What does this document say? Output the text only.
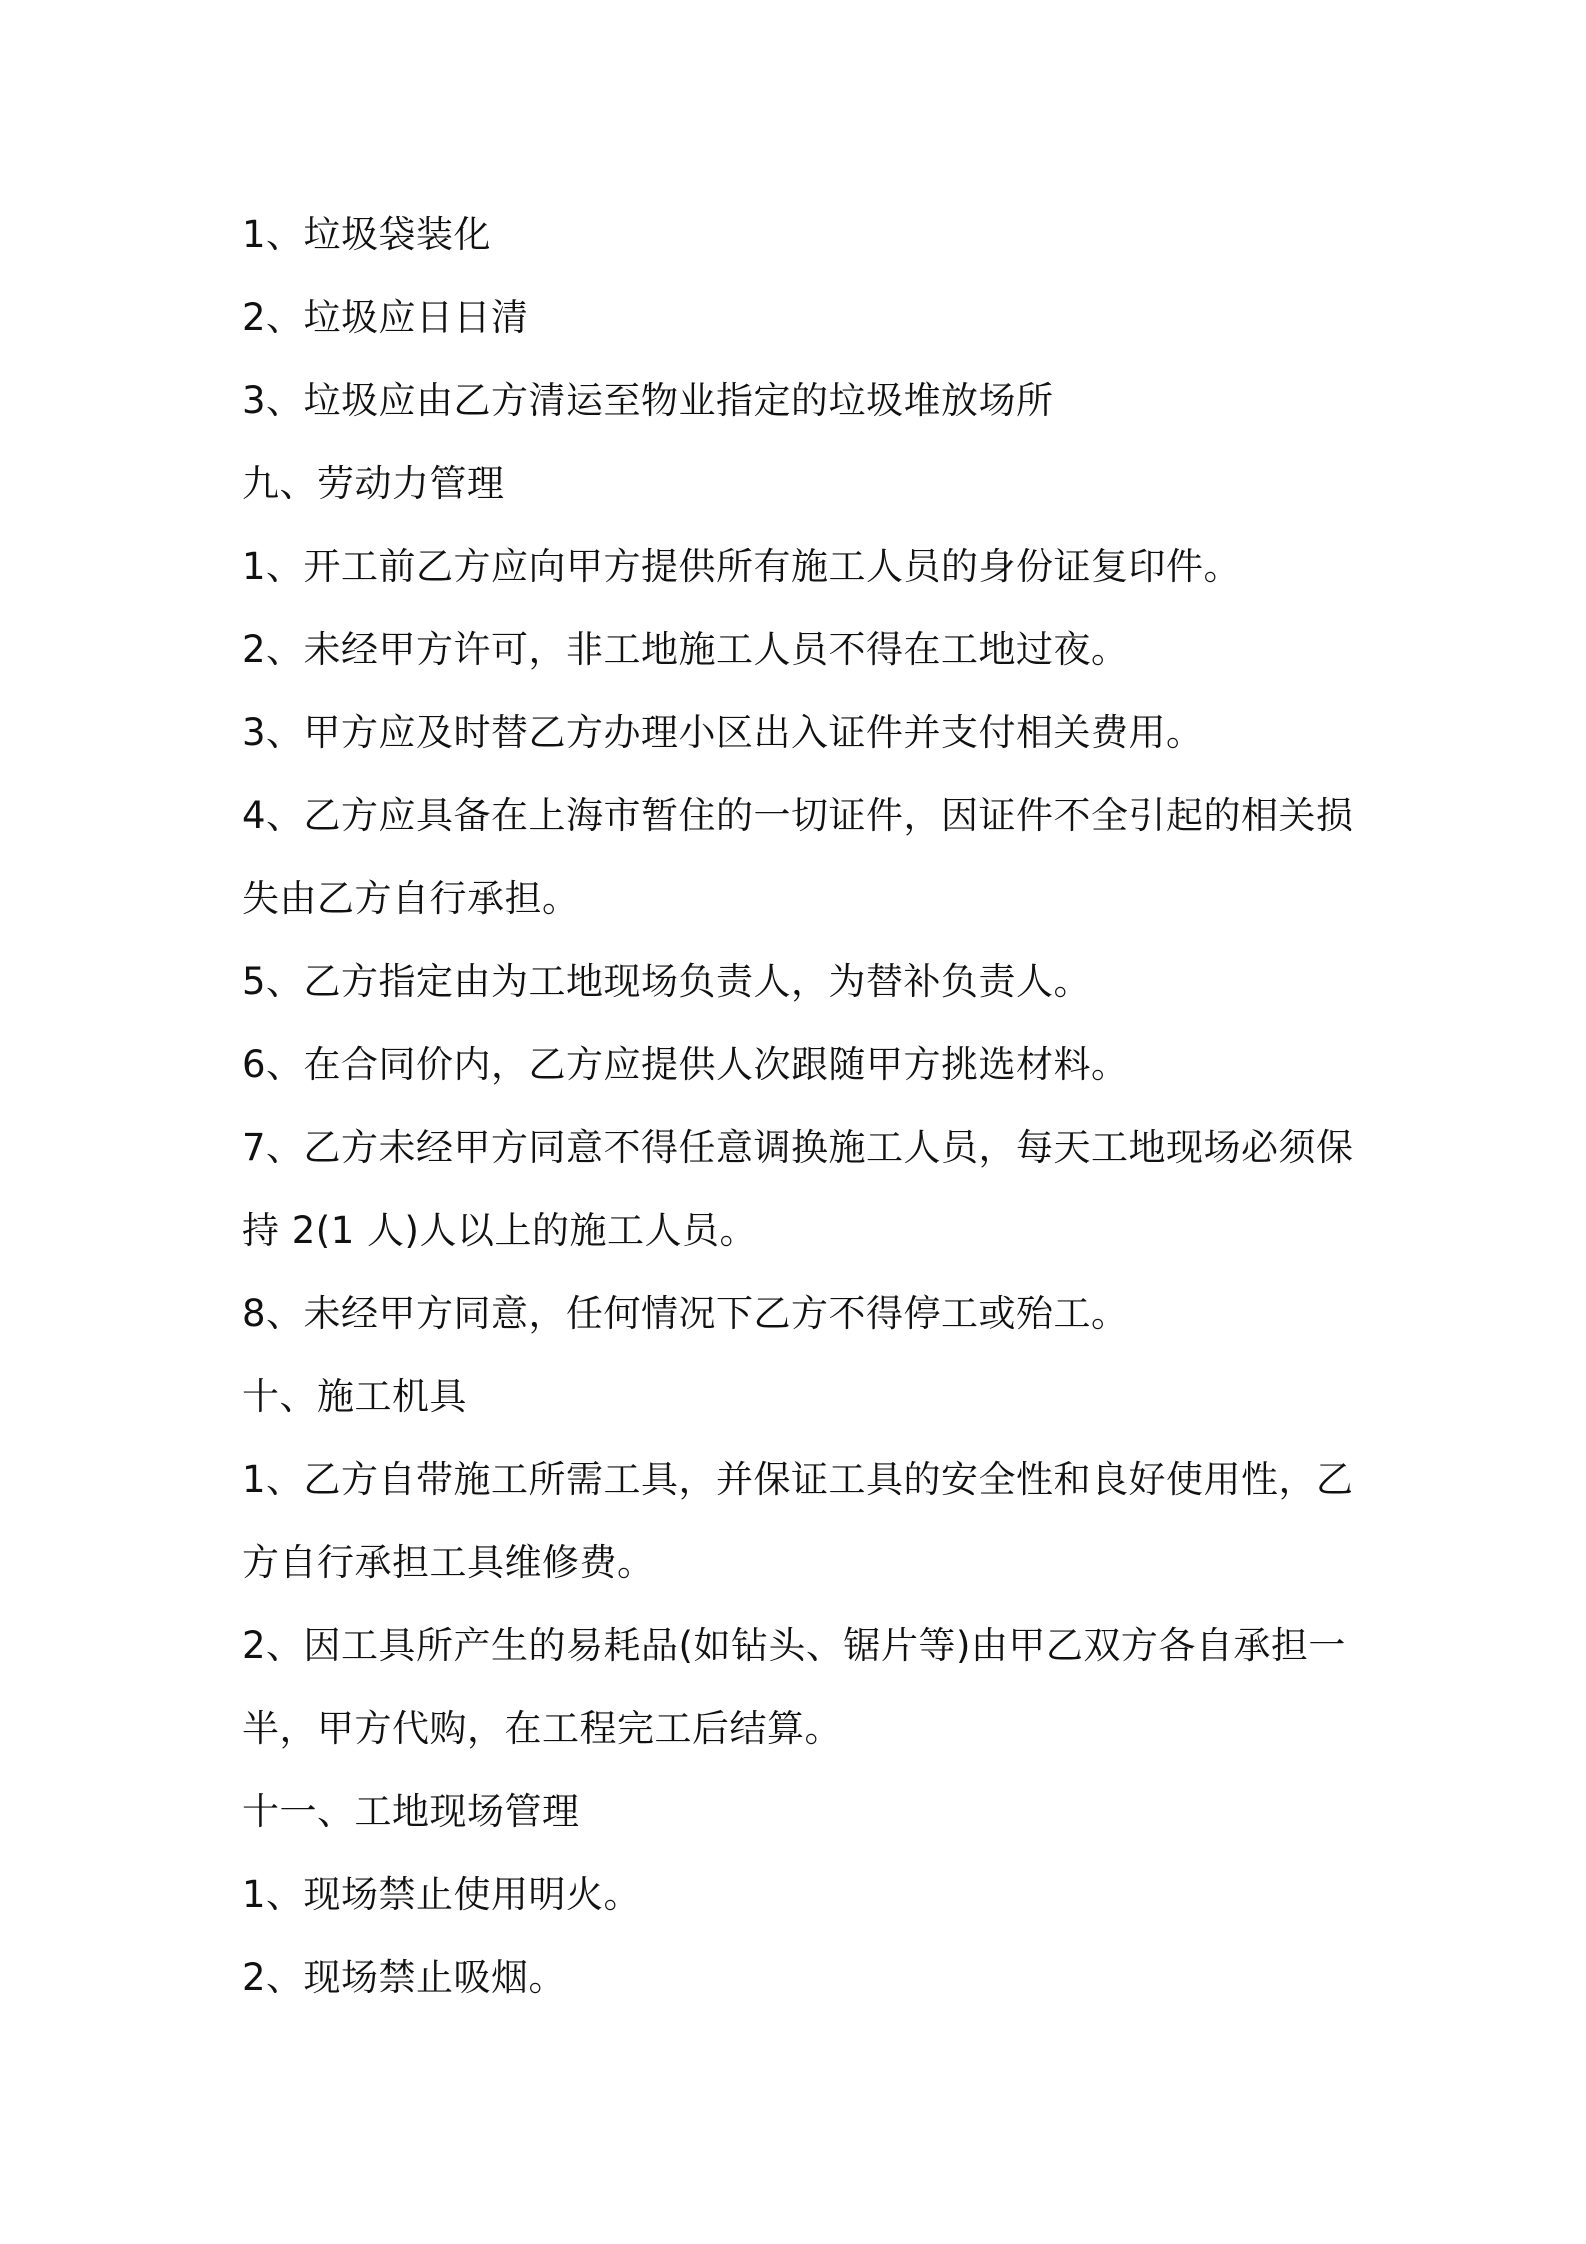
1、垃圾袋装化
2、垃圾应日日清
3、垃圾应由乙方清运至物业指定的垃圾堆放场所
九、劳动力管理
1、开工前乙方应向甲方提供所有施工人员的身份证复印件。
2、未经甲方许可，非工地施工人员不得在工地过夜。
3、甲方应及时替乙方办理小区出入证件并支付相关费用。
4、乙方应具备在上海市暂住的一切证件，因证件不全引起的相关损
失由乙方自行承担。
5、乙方指定由为工地现场负责人，为替补负责人。
6、在合同价内，乙方应提供人次跟随甲方挑选材料。
7、乙方未经甲方同意不得任意调换施工人员，每天工地现场必须保
持 2(1 人)人以上的施工人员。
8、未经甲方同意，任何情况下乙方不得停工或殆工。
十、施工机具
1、乙方自带施工所需工具，并保证工具的安全性和良好使用性，乙
方自行承担工具维修费。
2、因工具所产生的易耗品(如钻头、锯片等)由甲乙双方各自承担一
半，甲方代购，在工程完工后结算。
十一、工地现场管理
1、现场禁止使用明火。
2、现场禁止吸烟。
